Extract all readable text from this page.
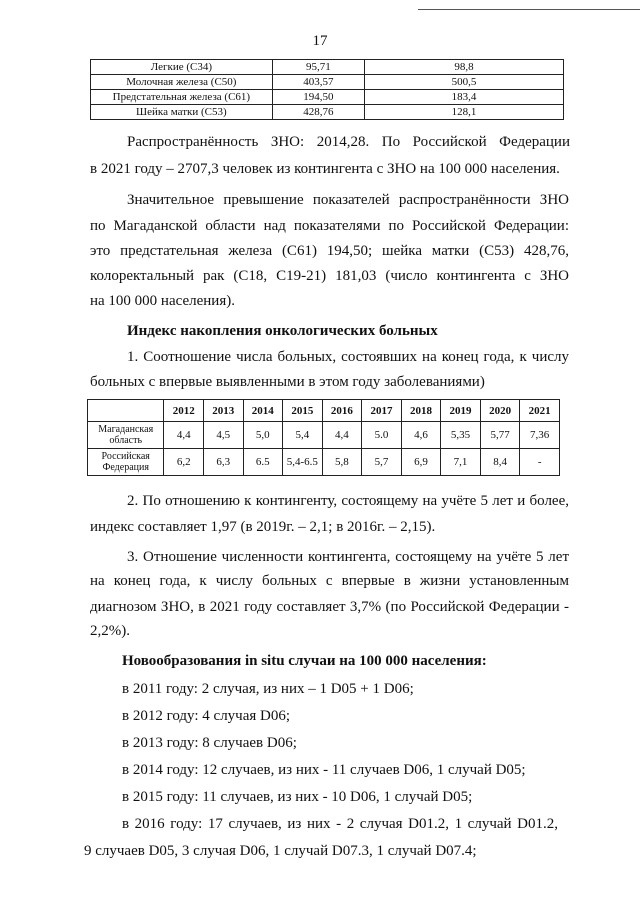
17
Легкие (С34)	95,71	98,8
Молочная железа (С50)	403,57	500,5
Предстательная железа (С61)	194,50	183,4
Шейка матки (С53)	428,76	128,1

Распространённость ЗНО: 2014,28. По Российской Федерации

в 2021 году – 2707,3 человек из контингента с ЗНО на 100 000 населения.

Значительное превышение показателей распространённости ЗНО

по Магаданской области над показателями по Российской Федерации:

это предстательная железа (С61) 194,50; шейка матки (С53) 428,76,

колоректальный рак (С18, С19-21) 181,03 (число контингента с ЗНО

на 100 000 населения).

Индекс накопления онкологических больных

1. Соотношение числа больных, состоявших на конец года, к числу

больных с впервые выявленными в этом году заболеваниями)

	2012	2013	2014	2015	2016	2017	2018	2019	2020	2021
Магаданская область	4,4	4,5	5,0	5,4	4,4	5.0	4,6	5,35	5,77	7,36
Российская Федерация	6,2	6,3	6.5	5,4-6.5	5,8	5,7	6,9	7,1	8,4	-

2. По отношению к контингенту, состоящему на учёте 5 лет и более,

индекс составляет 1,97 (в 2019г. – 2,1; в 2016г. – 2,15).

3. Отношение численности контингента, состоящему на учёте 5 лет

на конец года, к числу больных с впервые в жизни установленным

диагнозом ЗНО, в 2021 году составляет 3,7% (по Российской Федерации -

2,2%).

Новообразования in situ случаи на 100 000 населения:

в 2011 году: 2 случая, из них – 1 D05 + 1 D06;

в 2012 году: 4 случая D06;

в 2013 году: 8 случаев D06;

в 2014 году: 12 случаев, из них - 11 случаев D06, 1 случай D05;

в 2015 году: 11 случаев, из них - 10 D06, 1 случай D05;

в 2016 году: 17 случаев, из них - 2 случая D01.2, 1 случай D01.2,

9 случаев D05, 3 случая D06, 1 случай D07.3, 1 случай D07.4;
